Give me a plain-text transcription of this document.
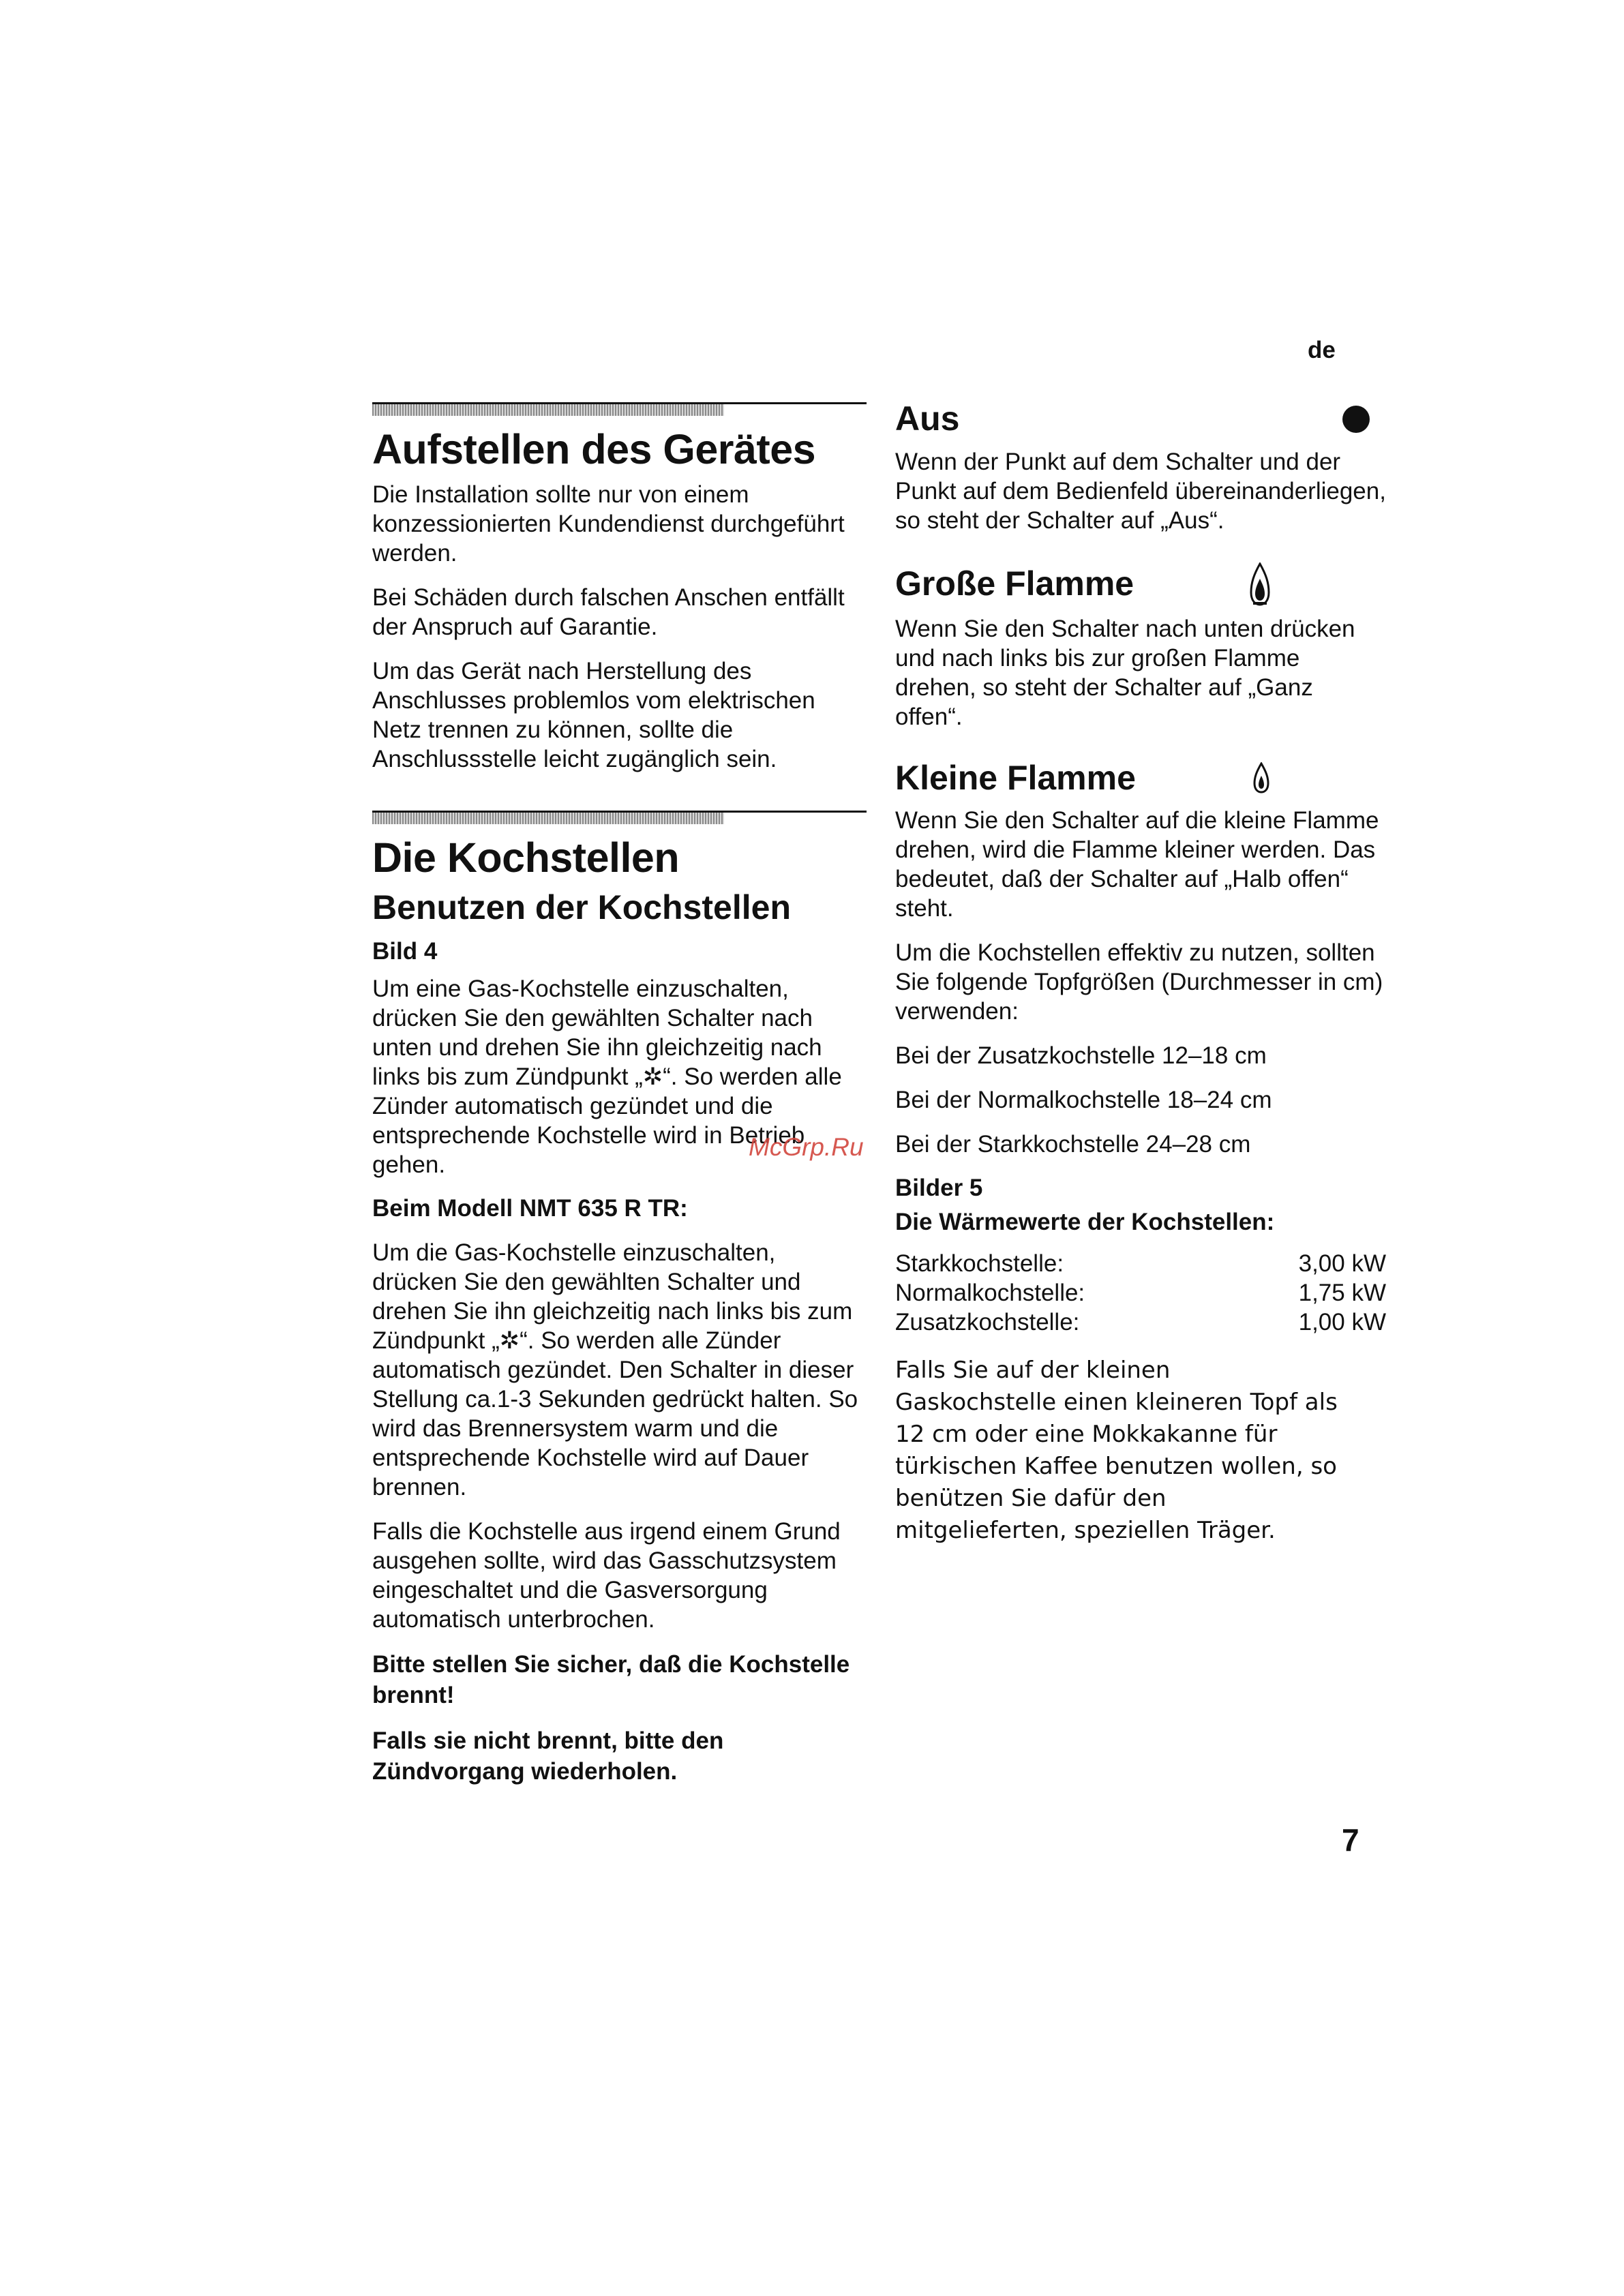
de
Aufstellen des Gerätes

Die Installation sollte nur von einem konzessionierten Kundendienst durchgeführt werden.

Bei Schäden durch falschen Anschen entfällt der Anspruch auf Garantie.

Um das Gerät nach Herstellung des Anschlusses problemlos vom elektrischen Netz trennen zu können, sollte die Anschlussstelle leicht zugänglich sein.

Die Kochstellen
Benutzen der Kochstellen
Bild 4

Um eine Gas-Kochstelle einzuschalten, drücken Sie den gewählten Schalter nach unten und drehen Sie ihn gleichzeitig nach links bis zum Zündpunkt „✲“. So werden alle Zünder automatisch gezündet und die entsprechende Kochstelle wird in Betrieb gehen.

Beim Modell NMT 635 R TR:

Um die Gas-Kochstelle einzuschalten, drücken Sie den gewählten Schalter und drehen Sie ihn gleichzeitig nach links bis zum Zündpunkt „✲“. So werden alle Zünder automatisch gezündet. Den Schalter in dieser Stellung ca.1-3 Sekunden gedrückt halten. So wird das Brennersystem warm und die entsprechende Kochstelle wird auf Dauer brennen.

Falls die Kochstelle aus irgend einem Grund ausgehen sollte, wird das Gasschutzsystem eingeschaltet und die Gasversorgung automatisch unterbrochen.

Bitte stellen Sie sicher, daß die Kochstelle brennt!

Falls sie nicht brennt, bitte den Zündvorgang wiederholen.

Aus

Wenn der Punkt auf dem Schalter und der Punkt auf dem Bedienfeld übereinanderliegen, so steht der Schalter auf „Aus“.

Große Flamme

Wenn Sie den Schalter nach unten drücken und nach links bis zur großen Flamme drehen, so steht der Schalter auf „Ganz offen“.

Kleine Flamme

Wenn Sie den Schalter auf die kleine Flamme drehen, wird die Flamme kleiner werden. Das bedeutet, daß der Schalter auf „Halb offen“ steht.

Um die Kochstellen effektiv zu nutzen, sollten Sie folgende Topfgrößen (Durchmesser in cm) verwenden:

Bei der Zusatzkochstelle 12–18 cm

Bei der Normalkochstelle 18–24 cm

Bei der Starkkochstelle 24–28 cm

Bilder 5
Die Wärmewerte der Kochstellen:
Starkkochstelle:	3,00 kW
Normalkochstelle:	1,75 kW
Zusatzkochstelle:	1,00 kW

Falls Sie auf der kleinen Gaskochstelle einen kleineren Topf als 12 cm oder eine Mokkakanne für türkischen Kaffee benutzen wollen, so benützen Sie dafür den mitgelieferten, speziellen Träger.

McGrp.Ru
7
